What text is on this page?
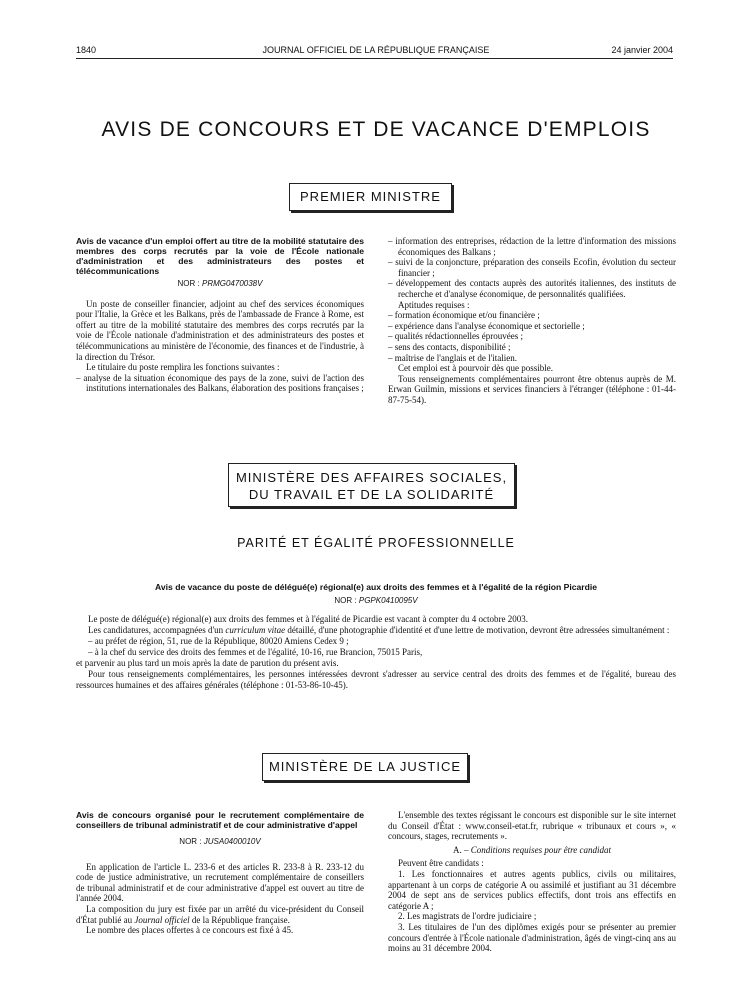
1840	JOURNAL OFFICIEL DE LA RÉPUBLIQUE FRANÇAISE	24 janvier 2004
AVIS DE CONCOURS ET DE VACANCE D'EMPLOIS
PREMIER MINISTRE
Avis de vacance d'un emploi offert au titre de la mobilité statutaire des membres des corps recrutés par la voie de l'École nationale d'administration et des administrateurs des postes et télécommunications
NOR : PRMG0470038V

Un poste de conseiller financier, adjoint au chef des services économiques pour l'Italie, la Grèce et les Balkans, près de l'ambassade de France à Rome, est offert au titre de la mobilité statutaire des membres des corps recrutés par la voie de l'École nationale d'administration et des administrateurs des postes et télécommunications au ministère de l'économie, des finances et de l'industrie, à la direction du Trésor.

Le titulaire du poste remplira les fonctions suivantes :

– analyse de la situation économique des pays de la zone, suivi de l'action des institutions internationales des Balkans, élaboration des positions françaises ;

– information des entreprises, rédaction de la lettre d'information des missions économiques des Balkans ;

– suivi de la conjoncture, préparation des conseils Ecofin, évolution du secteur financier ;

– développement des contacts auprès des autorités italiennes, des instituts de recherche et d'analyse économique, de personnalités qualifiées.

Aptitudes requises :

– formation économique et/ou financière ;

– expérience dans l'analyse économique et sectorielle ;

– qualités rédactionnelles éprouvées ;

– sens des contacts, disponibilité ;

– maîtrise de l'anglais et de l'italien.

Cet emploi est à pourvoir dès que possible.

Tous renseignements complémentaires pourront être obtenus auprès de M. Erwan Guilmin, missions et services financiers à l'étranger (téléphone : 01-44-87-75-54).

MINISTÈRE DES AFFAIRES SOCIALES,
DU TRAVAIL ET DE LA SOLIDARITÉ
PARITÉ ET ÉGALITÉ PROFESSIONNELLE
Avis de vacance du poste de délégué(e) régional(e) aux droits des femmes et à l'égalité de la région Picardie
NOR : PGPK0410095V

Le poste de délégué(e) régional(e) aux droits des femmes et à l'égalité de Picardie est vacant à compter du 4 octobre 2003.

Les candidatures, accompagnées d'un curriculum vitae détaillé, d'une photographie d'identité et d'une lettre de motivation, devront être adressées simultanément :

– au préfet de région, 51, rue de la République, 80020 Amiens Cedex 9 ;

– à la chef du service des droits des femmes et de l'égalité, 10-16, rue Brancion, 75015 Paris,

et parvenir au plus tard un mois après la date de parution du présent avis.

Pour tous renseignements complémentaires, les personnes intéressées devront s'adresser au service central des droits des femmes et de l'égalité, bureau des ressources humaines et des affaires générales (téléphone : 01-53-86-10-45).

MINISTÈRE DE LA JUSTICE
Avis de concours organisé pour le recrutement complémentaire de conseillers de tribunal administratif et de cour administrative d'appel
NOR : JUSA0400010V

En application de l'article L. 233-6 et des articles R. 233-8 à R. 233-12 du code de justice administrative, un recrutement complémentaire de conseillers de tribunal administratif et de cour administrative d'appel est ouvert au titre de l'année 2004.

La composition du jury est fixée par un arrêté du vice-président du Conseil d'État publié au Journal officiel de la République française.

Le nombre des places offertes à ce concours est fixé à 45.

L'ensemble des textes régissant le concours est disponible sur le site internet du Conseil d'État : www.conseil-etat.fr, rubrique « tribunaux et cours », « concours, stages, recrutements ».

A. – Conditions requises pour être candidat

Peuvent être candidats :

1. Les fonctionnaires et autres agents publics, civils ou militaires, appartenant à un corps de catégorie A ou assimilé et justifiant au 31 décembre 2004 de sept ans de services publics effectifs, dont trois ans effectifs en catégorie A ;

2. Les magistrats de l'ordre judiciaire ;

3. Les titulaires de l'un des diplômes exigés pour se présenter au premier concours d'entrée à l'École nationale d'administration, âgés de vingt-cinq ans au moins au 31 décembre 2004.
